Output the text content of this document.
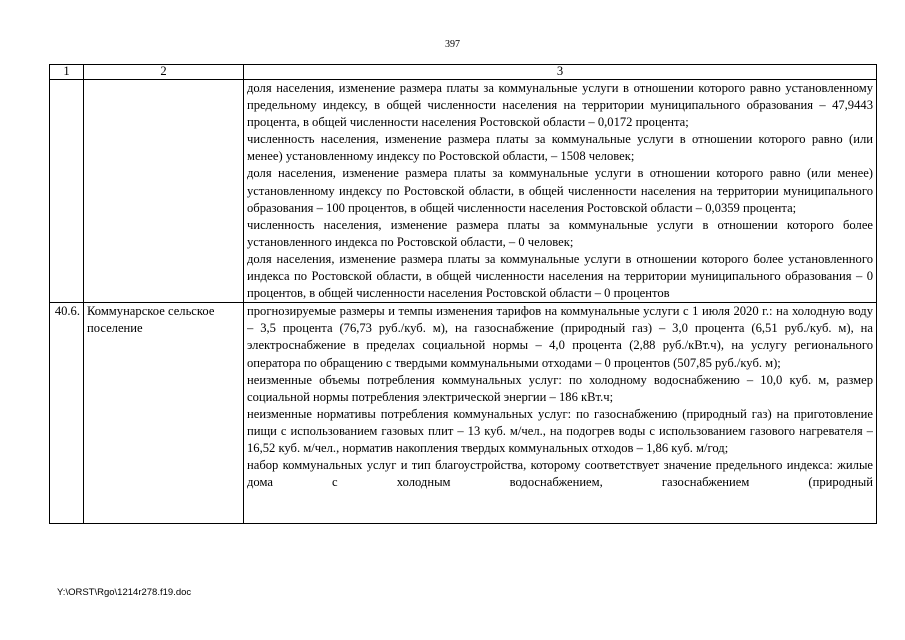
397
1	2	3

		доля населения, изменение размера платы за коммунальные услуги в отношении которого равно установленному предельному индексу, в общей численности населения на территории муниципального образования – 47,9443 процента, в общей численности населения Ростовской области – 0,0172 процента;
численность населения, изменение размера платы за коммунальные услуги в отношении которого равно (или менее) установленному индексу по Ростовской области, – 1508 человек;
доля населения, изменение размера платы за коммунальные услуги в отношении которого равно (или менее) установленному индексу по Ростовской области, в общей численности населения на территории муниципального образования – 100 процентов, в общей численности населения Ростовской области – 0,0359 процента;
численность населения, изменение размера платы за коммунальные услуги в отношении которого более установленного индекса по Ростовской области, – 0 человек;
доля населения, изменение размера платы за коммунальные услуги в отношении которого более установленного индекса по Ростовской области, в общей численности населения на территории муниципального образования – 0 процентов, в общей численности населения Ростовской области – 0 процентов

40.6.	Коммунарское сельское поселение	прогнозируемые размеры и темпы изменения тарифов на коммунальные услуги с 1 июля 2020 г.: на холодную воду – 3,5 процента (76,73 руб./куб. м), на газоснабжение (природный газ) – 3,0 процента (6,51 руб./куб. м), на электроснабжение в пределах социальной нормы – 4,0 процента (2,88 руб./кВт.ч), на услугу регионального оператора по обращению с твердыми коммунальными отходами – 0 процентов (507,85 руб./куб. м);
неизменные объемы потребления коммунальных услуг: по холодному водоснабжению – 10,0 куб. м, размер социальной нормы потребления электрической энергии – 186 кВт.ч;
неизменные нормативы потребления коммунальных услуг: по газоснабжению (природный газ) на приготовление пищи с использованием газовых плит – 13 куб. м/чел., на подогрев воды с использованием газового нагревателя – 16,52 куб. м/чел., норматив накопления твердых коммунальных отходов – 1,86 куб. м/год;
набор коммунальных услуг и тип благоустройства, которому соответствует значение предельного индекса: жилые дома с холодным водоснабжением, газоснабжением (природный
Y:\ORST\Rgo\1214r278.f19.doc
